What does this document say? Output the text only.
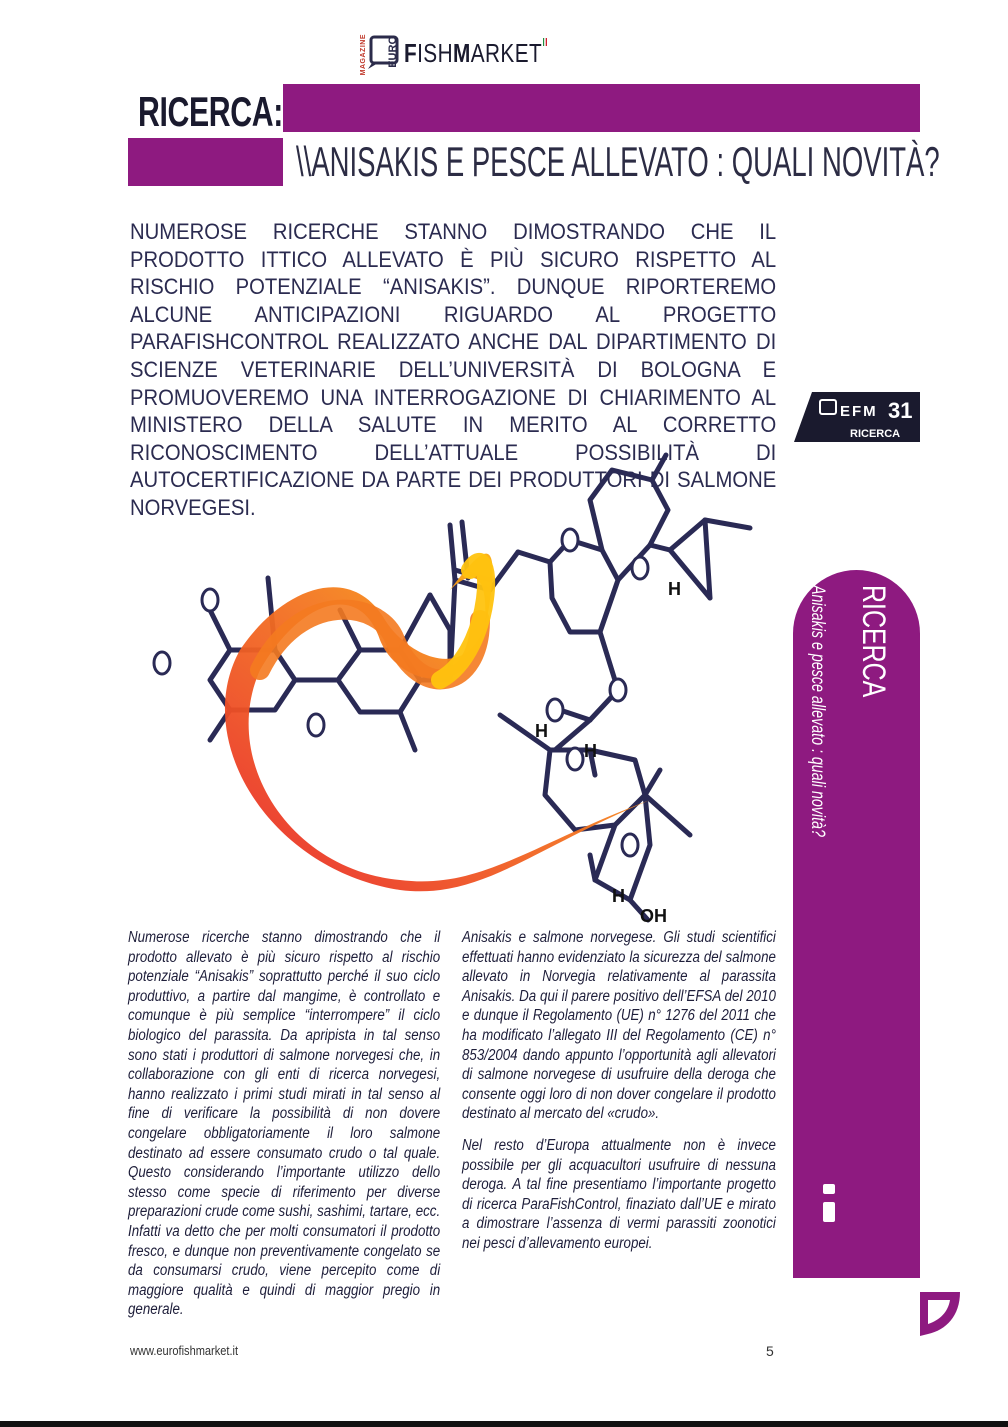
MAGAZINE EURO FISHMARKET
RICERCA:
\\ANISAKIS E PESCE ALLEVATO : QUALI NOVITÀ?
NUMEROSE RICERCHE STANNO DIMOSTRANDO CHE IL PRODOTTO ITTICO ALLEVATO È PIÙ SICURO RISPETTO AL RISCHIO POTENZIALE “ANISAKIS”. DUNQUE RIPORTEREMO ALCUNE ANTICIPAZIONI RIGUARDO AL PROGETTO PARAFISHCONTROL REALIZZATO ANCHE DAL DIPARTIMENTO DI SCIENZE VETERINARIE DELL’UNIVERSITÀ DI BOLOGNA E PROMUOVEREMO UNA INTERROGAZIONE DI CHIARIMENTO AL MINISTERO DELLA SALUTE IN MERITO AL CORRETTO RICONOSCIMENTO DELL’ATTUALE POSSIBILITÀ DI AUTOCERTIFICAZIONE DA PARTE DEI PRODUTTORI DI SALMONE NORVEGESI.
EFM 31
RICERCA
H
H
H
H
OH
RICERCA
Anisakis e pesce allevato : quali novità?

Numerose ricerche stanno dimostrando che il prodotto allevato è più sicuro rispetto al rischio potenziale “Anisakis” soprattutto perché il suo ciclo produttivo, a partire dal mangime, è controllato e comunque è più semplice “interrompere” il ciclo biologico del parassita. Da apripista in tal senso sono stati i produttori di salmone norvegesi che, in collaborazione con gli enti di ricerca norvegesi, hanno realizzato i primi studi mirati in tal senso al fine di verificare la possibilità di non dovere congelare obbligatoriamente il loro salmone destinato ad essere consumato crudo o tal quale. Questo considerando l’importante utilizzo dello stesso come specie di riferimento per diverse preparazioni crude come sushi, sashimi, tartare, ecc. Infatti va detto che per molti consumatori il prodotto fresco, e dunque non preventivamente congelato se da consumarsi crudo, viene percepito come di maggiore qualità e quindi di maggior pregio in generale.

Anisakis e salmone norvegese. Gli studi scientifici effettuati hanno evidenziato la sicurezza del salmone allevato in Norvegia relativamente al parassita Anisakis. Da qui il parere positivo dell’EFSA del 2010 e dunque il Regolamento (UE) n° 1276 del 2011 che ha modificato l’allegato III del Regolamento (CE) n° 853/2004 dando appunto l’opportunità agli allevatori di salmone norvegese di usufruire della deroga che consente oggi loro di non dover congelare il prodotto destinato al mercato del «crudo».

Nel resto d’Europa attualmente non è invece possibile per gli acquacultori usufruire di nessuna deroga. A tal fine presentiamo l’importante progetto di ricerca ParaFishControl, finaziato dall’UE e mirato a dimostrare l’assenza di vermi parassiti zoonotici nei pesci d’allevamento europei.

www.eurofishmarket.it	5
